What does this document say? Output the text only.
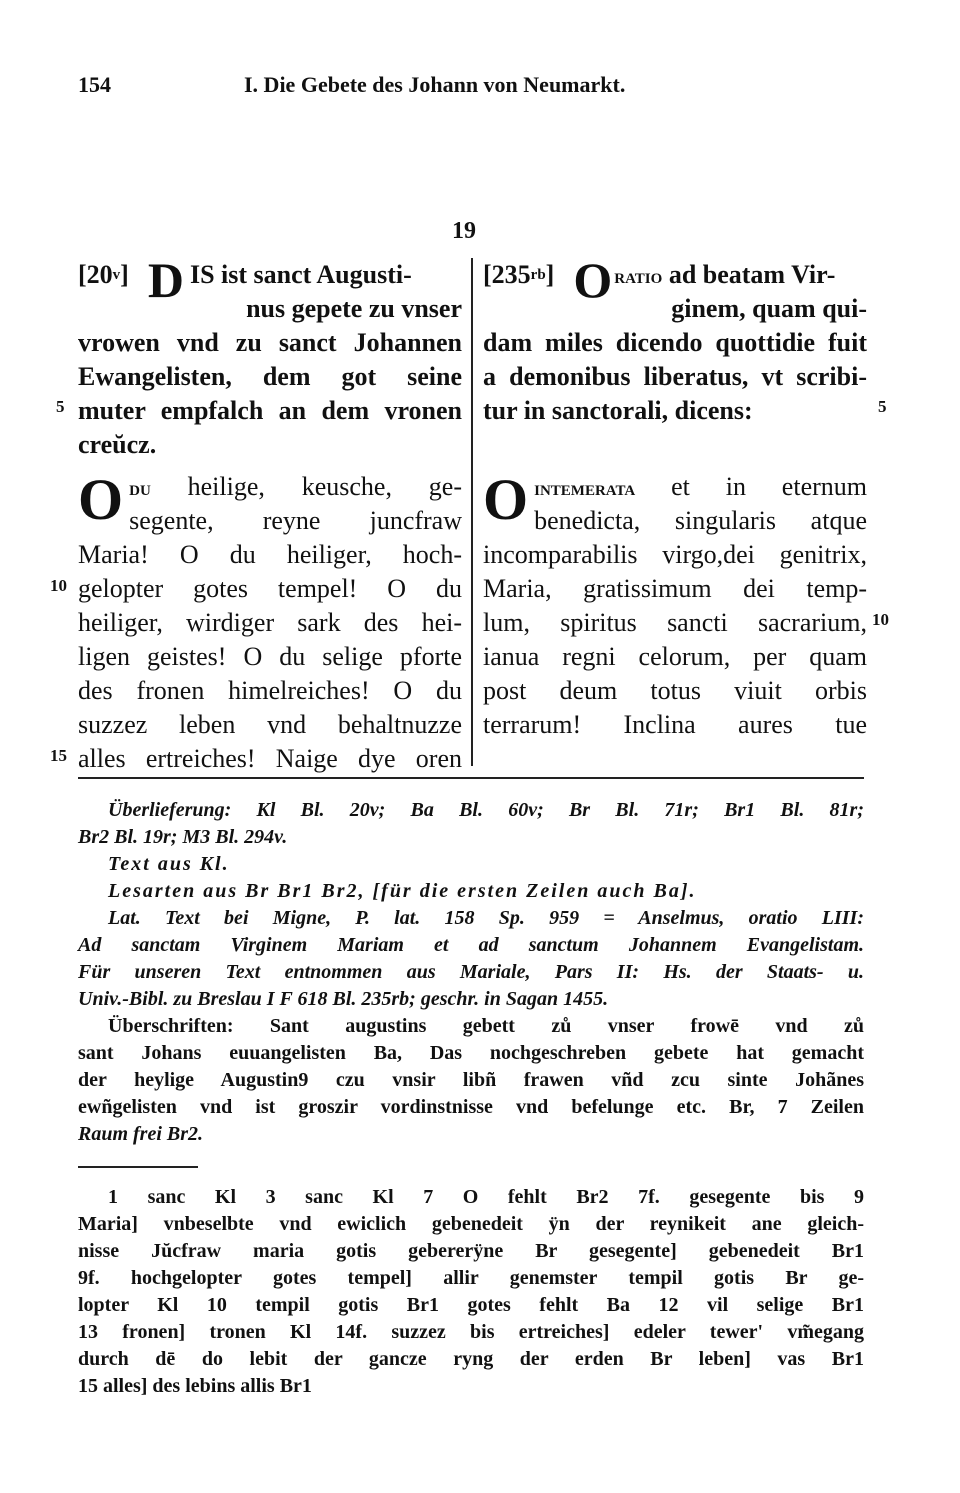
154	I. Die Gebete des Johann von Neumarkt.
19
[20$^v$] D IS ist sanct Augusti-
nus gepete zu vnser
vrowen vnd zu sanct Johannen
Ewangelisten, dem got seine
muter empfalch an dem vronen
creŭcz.
$[235^{rb}]$ Oratio ad beatam Vir-
ginem, quam qui-
dam miles dicendo quottidie fuit
a demonibus liberatus, vt scribi-
tur in sanctorali, dicens:
O du heilige, keusche, ge-
segente, reyne juncfraw
Maria! O du heiliger, hoch-
gelopter gotes tempel! O du
heiliger, wirdiger sark des hei-
ligen geistes! O du selige pforte
des fronen himelreiches! O du
suzzez leben vnd behaltnuzze
alles ertreiches! Naige dye oren
O intemerata et in eternum
benedicta, singularis atque
incomparabilis virgo,dei genitrix,
Maria, gratissimum dei temp-
lum, spiritus sancti sacrarium,
ianua regni celorum, per quam
post deum totus viuit orbis
terrarum! Inclina aures tue
5
10
15
5
10
Überlieferung: Kl Bl. 20v; Ba Bl. 60v; Br Bl. 71r; Br1 Bl. 81r;
Br2 Bl. 19r; M3 Bl. 294v.
Text aus Kl.
Lesarten aus Br Br1 Br2, [für die ersten Zeilen auch Ba].
Lat. Text bei Migne, P. lat. 158 Sp. 959 = Anselmus, oratio LIII:
Ad sanctam Virginem Mariam et ad sanctum Johannem Evangelistam.
Für unseren Text entnommen aus Mariale, Pars II: Hs. der Staats- u.
Univ.-Bibl. zu Breslau I F 618 Bl. 235rb; geschr. in Sagan 1455.
Überschriften: Sant augustins gebett zů vnser frowē vnd zů
sant Johans euuangelisten Ba, Das nochgeschreben gebete hat gemacht
der heylige Augustin9 czu vnsir libñ frawen vñd zcu sinte Johãnes
ewñgelisten vnd ist groszir vordinstnisse vnd befelunge etc. Br, 7 Zeilen
Raum frei Br2.
1 sanc Kl 3 sanc Kl 7 O fehlt Br2 7f. gesegente bis 9
Maria] vnbeselbte vnd ewiclich gebenedeit ÿn der reynikeit ane gleich-
nisse Jŭcfraw maria gotis gebererÿne Br gesegente] gebenedeit Br1
9f. hochgelopter gotes tempel] allir genemster tempil gotis Br ge-
lopter Kl 10 tempil gotis Br1 gotes fehlt Ba 12 vil selige Br1
13 fronen] tronen Kl 14f. suzzez bis ertreiches] edeler tewer' vm̃egang
durch dē do lebit der gancze ryng der erden Br leben] vas Br1
15 alles] des lebins allis Br1
